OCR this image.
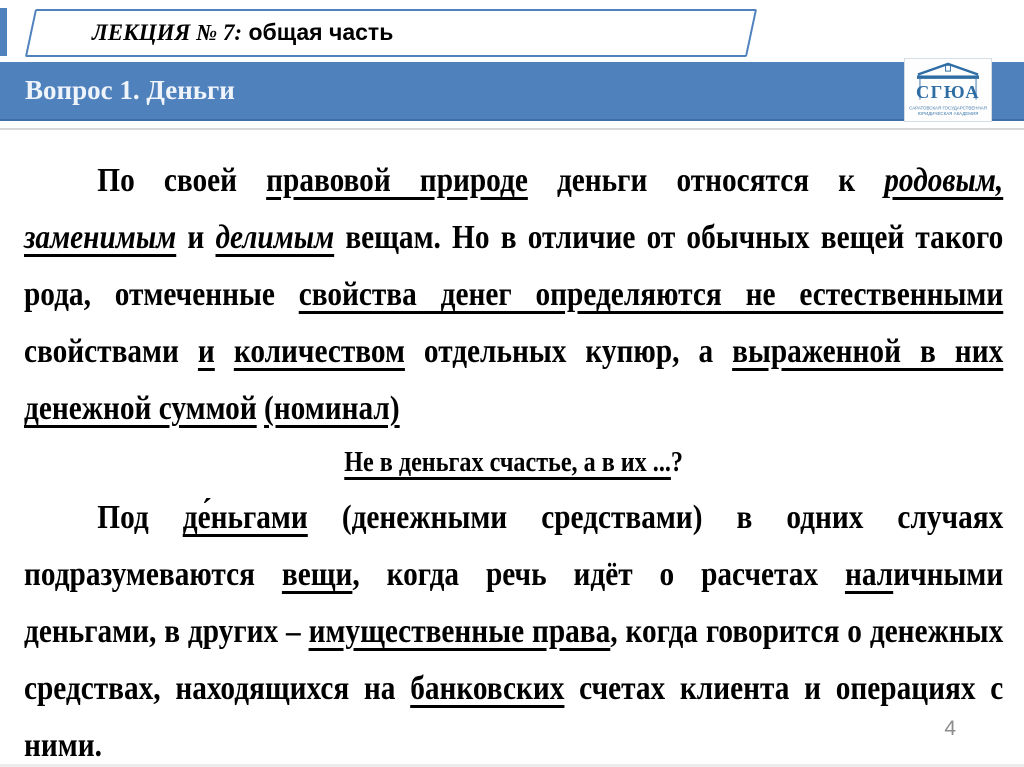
ЛЕКЦИЯ № 7: общая часть
Вопрос 1. Деньги	СГЮА
САРАТОВСКАЯ ГОСУДАРСТВЕННАЯ
ЮРИДИЧЕСКАЯ АКАДЕМИЯ

По своей правовой природе деньги относятся к родовым, заменимым и делимым вещам. Но в отличие от обычных вещей такого рода, отмеченные свойства денег определяются не естественными свойствами и количеством отдельных купюр, а выраженной в них денежной суммой (номинал)

Не в деньгах счастье, а в их ...?

Под де́ньгами (денежными средствами) в одних случаях подразумеваются вещи, когда речь идёт о расчетах наличными деньгами, в других – имущественные права, когда говорится о денежных средствах, находящихся на банковских счетах клиента и операциях с ними.	4
